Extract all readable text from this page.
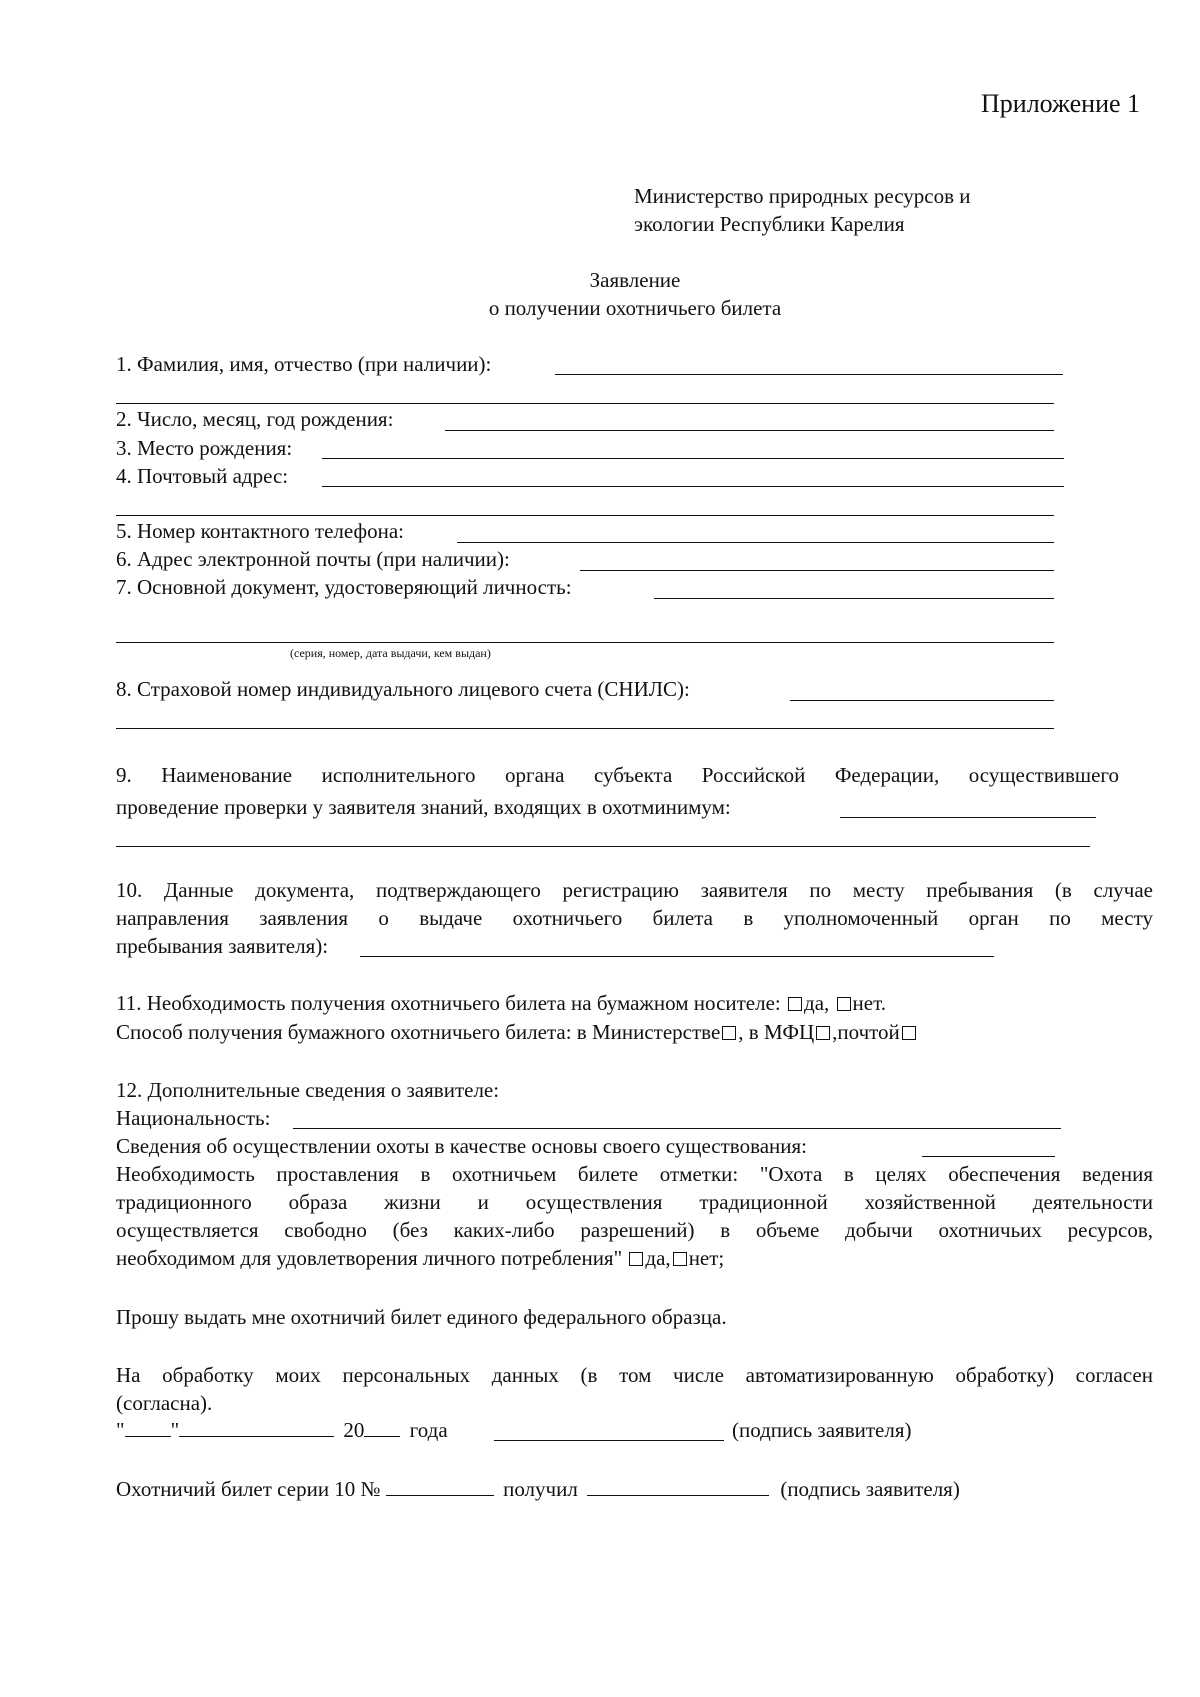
Приложение 1
Министерство природных ресурсов и
экологии Республики Карелия
Заявление
о получении охотничьего билета
1. Фамилия, имя, отчество (при наличии):
2. Число, месяц, год рождения:
3. Место рождения:
4. Почтовый адрес:
5. Номер контактного телефона:
6. Адрес электронной почты (при наличии):
7. Основной документ, удостоверяющий личность:
(серия, номер, дата выдачи, кем выдан)
8. Страховой номер индивидуального лицевого счета (СНИЛС):
9. Наименование исполнительного органа субъекта Российской Федерации, осуществившего
проведение проверки у заявителя знаний, входящих в охотминимум:
10. Данные документа, подтверждающего регистрацию заявителя по месту пребывания (в случае
направления заявления о выдаче охотничьего билета в уполномоченный орган по месту
пребывания заявителя):
11. Необходимость получения охотничьего билета на бумажном носителе: да, нет.
Способ получения бумажного охотничьего билета: в Министерстве , в МФЦ ,почтой
12. Дополнительные сведения о заявителе:
Национальность:
Сведения об осуществлении охоты в качестве основы своего существования:
Необходимость проставления в охотничьем билете отметки: "Охота в целях обеспечения ведения
традиционного образа жизни и осуществления традиционной хозяйственной деятельности
осуществляется свободно (без каких-либо разрешений) в объеме добычи охотничьих ресурсов,
необходимом для удовлетворения личного потребления" да, нет;
Прошу выдать мне охотничий билет единого федерального образца.
На обработку моих персональных данных (в том числе автоматизированную обработку) согласен
(согласна).
" "	20 года	(подпись заявителя)
Охотничий билет серии 10 №	получил	(подпись заявителя)
